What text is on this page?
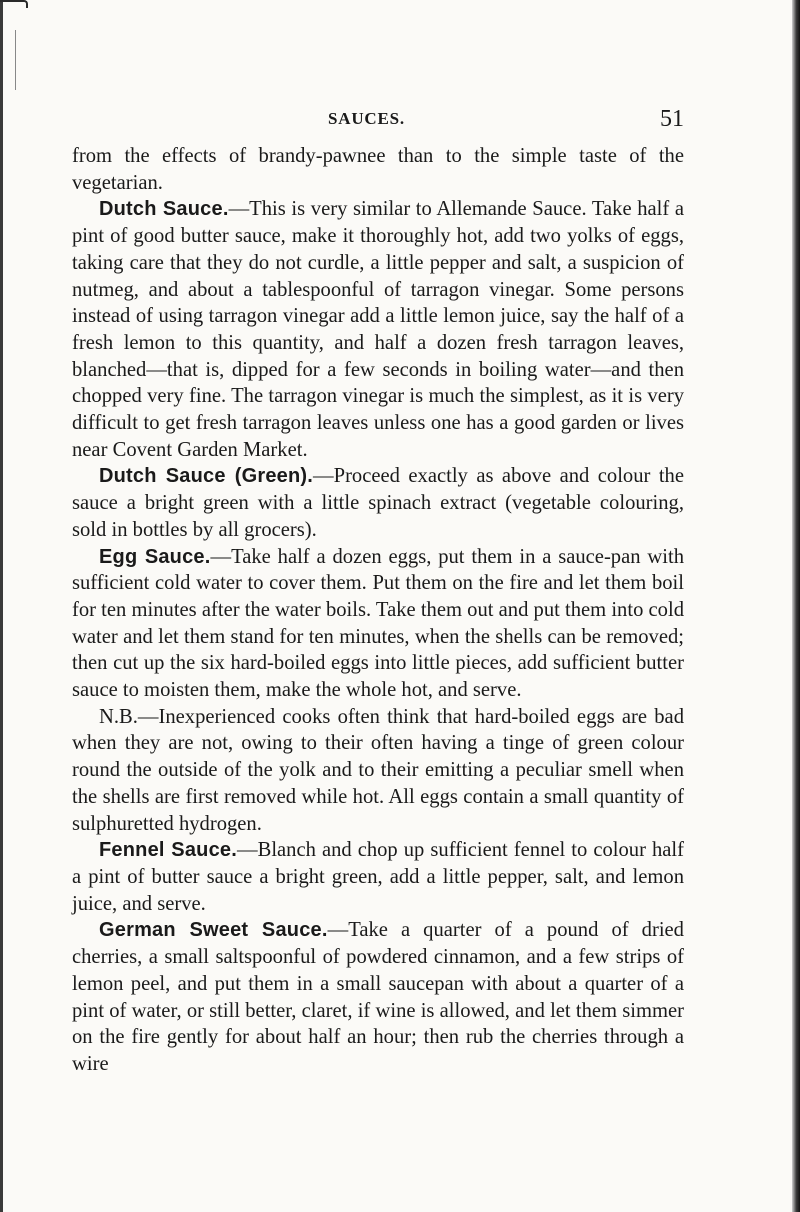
SAUCES.	51

from the effects of brandy-pawnee than to the simple taste of the vegetarian.

Dutch Sauce.—This is very similar to Allemande Sauce. Take half a pint of good butter sauce, make it thoroughly hot, add two yolks of eggs, taking care that they do not curdle, a little pepper and salt, a suspicion of nutmeg, and about a tablespoonful of tarragon vinegar. Some persons instead of using tarragon vinegar add a little lemon juice, say the half of a fresh lemon to this quantity, and half a dozen fresh tarragon leaves, blanched—that is, dipped for a few seconds in boiling water—and then chopped very fine. The tarragon vinegar is much the simplest, as it is very difficult to get fresh tarragon leaves unless one has a good garden or lives near Covent Garden Market.

Dutch Sauce (Green).—Proceed exactly as above and colour the sauce a bright green with a little spinach extract (vegetable colouring, sold in bottles by all grocers).

Egg Sauce.—Take half a dozen eggs, put them in a sauce-pan with sufficient cold water to cover them. Put them on the fire and let them boil for ten minutes after the water boils. Take them out and put them into cold water and let them stand for ten minutes, when the shells can be removed; then cut up the six hard-boiled eggs into little pieces, add sufficient butter sauce to moisten them, make the whole hot, and serve.

N.B.—Inexperienced cooks often think that hard-boiled eggs are bad when they are not, owing to their often having a tinge of green colour round the outside of the yolk and to their emitting a peculiar smell when the shells are first removed while hot. All eggs contain a small quantity of sulphuretted hydrogen.

Fennel Sauce.—Blanch and chop up sufficient fennel to colour half a pint of butter sauce a bright green, add a little pepper, salt, and lemon juice, and serve.

German Sweet Sauce.—Take a quarter of a pound of dried cherries, a small saltspoonful of powdered cinnamon, and a few strips of lemon peel, and put them in a small saucepan with about a quarter of a pint of water, or still better, claret, if wine is allowed, and let them simmer on the fire gently for about half an hour; then rub the cherries through a wire
